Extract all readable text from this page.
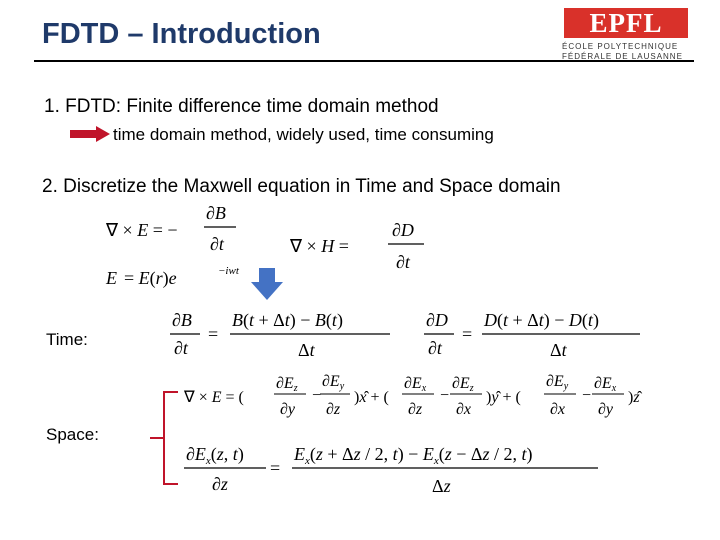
FDTD – Introduction	EPFL
ÉCOLE POLYTECHNIQUE
FÉDÉRALE DE LAUSANNE
1. FDTD: Finite difference time domain method
time domain method, widely used, time consuming
2. Discretize the Maxwell equation in Time and Space domain
Time:
Space:
∇ × E = −
∂B
∂t	∇ × H =
∂D
∂t
E = E(r)e	−iwt
∂B
∂t
=
B(t + Δt) − B(t)
Δt
∂D
∂t
=
D(t + Δt) − D(t)
Δt
∇ × E = (
∂Ez
∂y
−
∂Ey
∂z
)x̂ + (
∂Ex
∂z
−
∂Ez
∂x
)ŷ + (
∂Ey
∂x
−
∂Ex
∂y
)z
$\partial E_x(z$, t)
∂z
=
$E_x(z + \Delta z / 2$, $t) - E_x(z - \Delta z / 2$, t)
Δz
